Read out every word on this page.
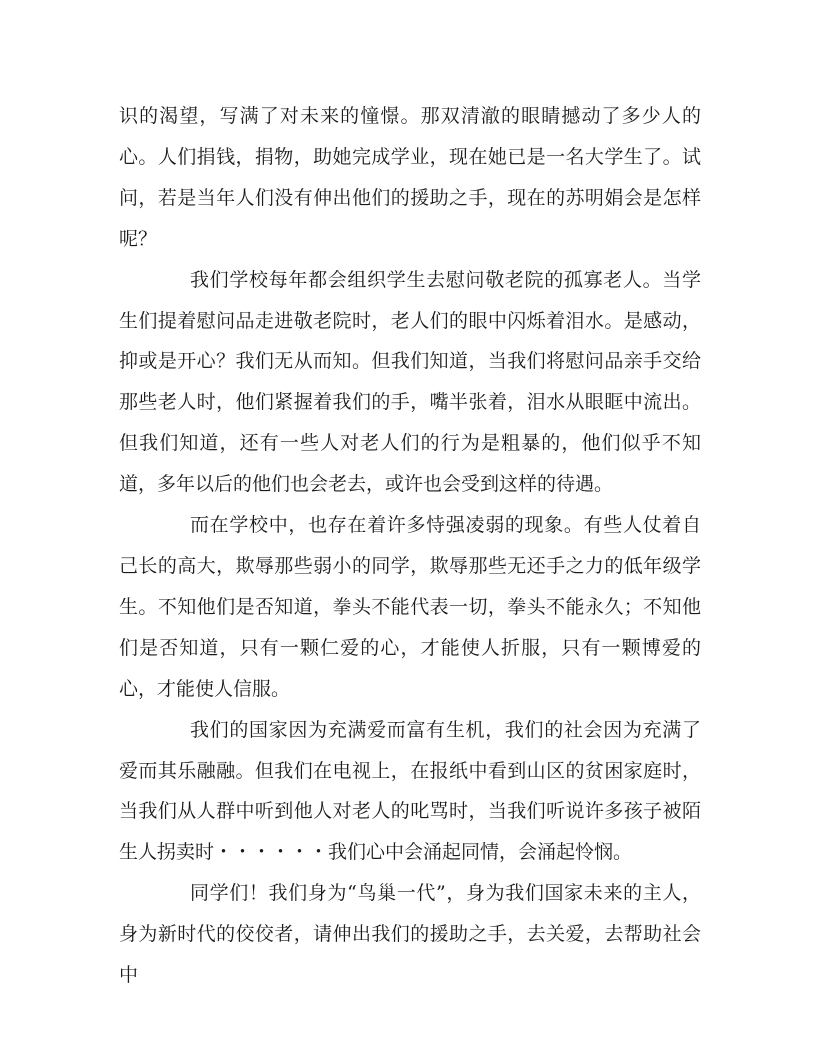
识的渴望，写满了对未来的憧憬。那双清澈的眼睛撼动了多少人的心。人们捐钱，捐物，助她完成学业，现在她已是一名大学生了。试问，若是当年人们没有伸出他们的援助之手，现在的苏明娟会是怎样呢？

我们学校每年都会组织学生去慰问敬老院的孤寡老人。当学生们提着慰问品走进敬老院时，老人们的眼中闪烁着泪水。是感动，抑或是开心？我们无从而知。但我们知道，当我们将慰问品亲手交给那些老人时，他们紧握着我们的手，嘴半张着，泪水从眼眶中流出。但我们知道，还有一些人对老人们的行为是粗暴的，他们似乎不知道，多年以后的他们也会老去，或许也会受到这样的待遇。

而在学校中，也存在着许多恃强凌弱的现象。有些人仗着自己长的高大，欺辱那些弱小的同学，欺辱那些无还手之力的低年级学生。不知他们是否知道，拳头不能代表一切，拳头不能永久；不知他们是否知道，只有一颗仁爱的心，才能使人折服，只有一颗博爱的心，才能使人信服。

我们的国家因为充满爱而富有生机，我们的社会因为充满了爱而其乐融融。但我们在电视上，在报纸中看到山区的贫困家庭时，当我们从人群中听到他人对老人的叱骂时，当我们听说许多孩子被陌生人拐卖时・・・・・・我们心中会涌起同情，会涌起怜悯。

同学们！我们身为“鸟巢一代”，身为我们国家未来的主人，身为新时代的佼佼者，请伸出我们的援助之手，去关爱，去帮助社会中
